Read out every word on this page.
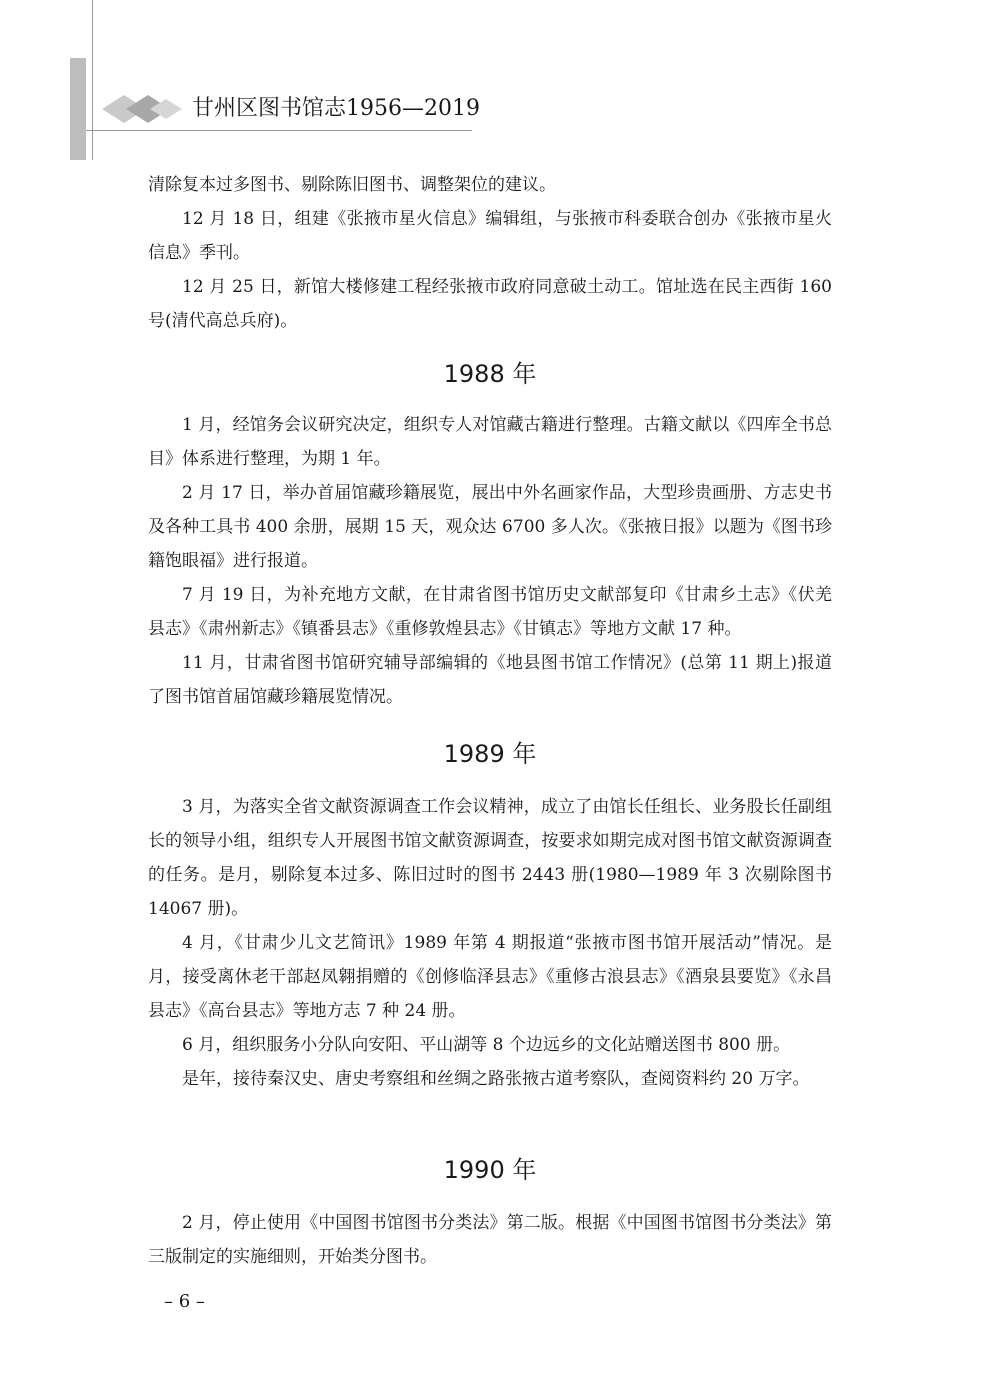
甘州区图书馆志1956—2019

清除复本过多图书、剔除陈旧图书、调整架位的建议。

12 月 18 日，组建《张掖市星火信息》编辑组，与张掖市科委联合创办《张掖市星火信息》季刊。

12 月 25 日，新馆大楼修建工程经张掖市政府同意破土动工。馆址选在民主西街 160 号(清代高总兵府)。

1988 年

1 月，经馆务会议研究决定，组织专人对馆藏古籍进行整理。古籍文献以《四库全书总目》体系进行整理，为期 1 年。

2 月 17 日，举办首届馆藏珍籍展览，展出中外名画家作品，大型珍贵画册、方志史书及各种工具书 400 余册，展期 15 天，观众达 6700 多人次。《张掖日报》以题为《图书珍籍饱眼福》进行报道。

7 月 19 日，为补充地方文献，在甘肃省图书馆历史文献部复印《甘肃乡土志》《伏羌县志》《肃州新志》《镇番县志》《重修敦煌县志》《甘镇志》等地方文献 17 种。

11 月，甘肃省图书馆研究辅导部编辑的《地县图书馆工作情况》(总第 11 期上)报道了图书馆首届馆藏珍籍展览情况。

1989 年

3 月，为落实全省文献资源调查工作会议精神，成立了由馆长任组长、业务股长任副组长的领导小组，组织专人开展图书馆文献资源调查，按要求如期完成对图书馆文献资源调查的任务。是月，剔除复本过多、陈旧过时的图书 2443 册(1980—1989 年 3 次剔除图书 14067 册)。

4 月，《甘肃少儿文艺简讯》1989 年第 4 期报道“张掖市图书馆开展活动”情况。是月，接受离休老干部赵凤翱捐赠的《创修临泽县志》《重修古浪县志》《酒泉县要览》《永昌县志》《高台县志》等地方志 7 种 24 册。

6 月，组织服务小分队向安阳、平山湖等 8 个边远乡的文化站赠送图书 800 册。

是年，接待秦汉史、唐史考察组和丝绸之路张掖古道考察队，查阅资料约 20 万字。

1990 年

2 月，停止使用《中国图书馆图书分类法》第二版。根据《中国图书馆图书分类法》第三版制定的实施细则，开始类分图书。

– 6 –
